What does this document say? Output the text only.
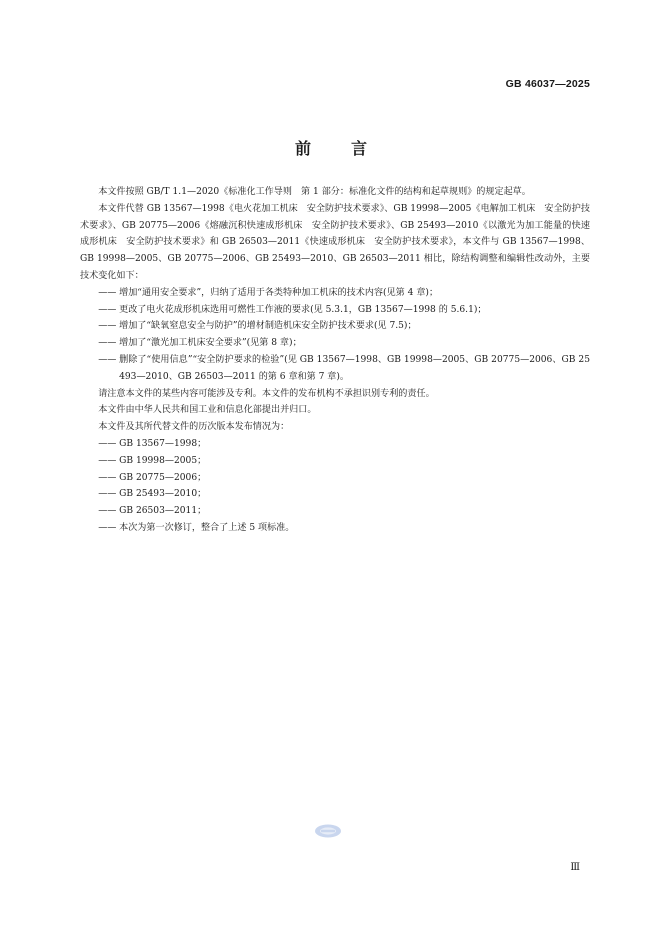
GB 46037—2025
前言

本文件按照 GB/T 1.1—2020《标准化工作导则　第 1 部分：标准化文件的结构和起草规则》的规定起草。

本文件代替 GB 13567—1998《电火花加工机床　安全防护技术要求》、GB 19998—2005《电解加工机床　安全防护技术要求》、GB 20775—2006《熔融沉积快速成形机床　安全防护技术要求》、GB 25493—2010《以激光为加工能量的快速成形机床　安全防护技术要求》和 GB 26503—2011《快速成形机床　安全防护技术要求》，本文件与 GB 13567—1998、GB 19998—2005、GB 20775—2006、GB 25493—2010、GB 26503—2011 相比，除结构调整和编辑性改动外，主要技术变化如下：

—— 增加“通用安全要求”，归纳了适用于各类特种加工机床的技术内容(见第 4 章)；
—— 更改了电火花成形机床选用可燃性工作液的要求(见 5.3.1，GB 13567—1998 的 5.6.1)；
—— 增加了“缺氧窒息安全与防护”的增材制造机床安全防护技术要求(见 7.5)；
—— 增加了“激光加工机床安全要求”(见第 8 章)；
—— 删除了“使用信息”“安全防护要求的检验”(见 GB 13567—1998、GB 19998—2005、GB 20775—2006、GB 25493—2010、GB 26503—2011 的第 6 章和第 7 章)。

请注意本文件的某些内容可能涉及专利。本文件的发布机构不承担识别专利的责任。

本文件由中华人民共和国工业和信息化部提出并归口。

本文件及其所代替文件的历次版本发布情况为：

—— GB 13567—1998；
—— GB 19998—2005；
—— GB 20775—2006；
—— GB 25493—2010；
—— GB 26503—2011；
—— 本次为第一次修订，整合了上述 5 项标准。
Ⅲ
